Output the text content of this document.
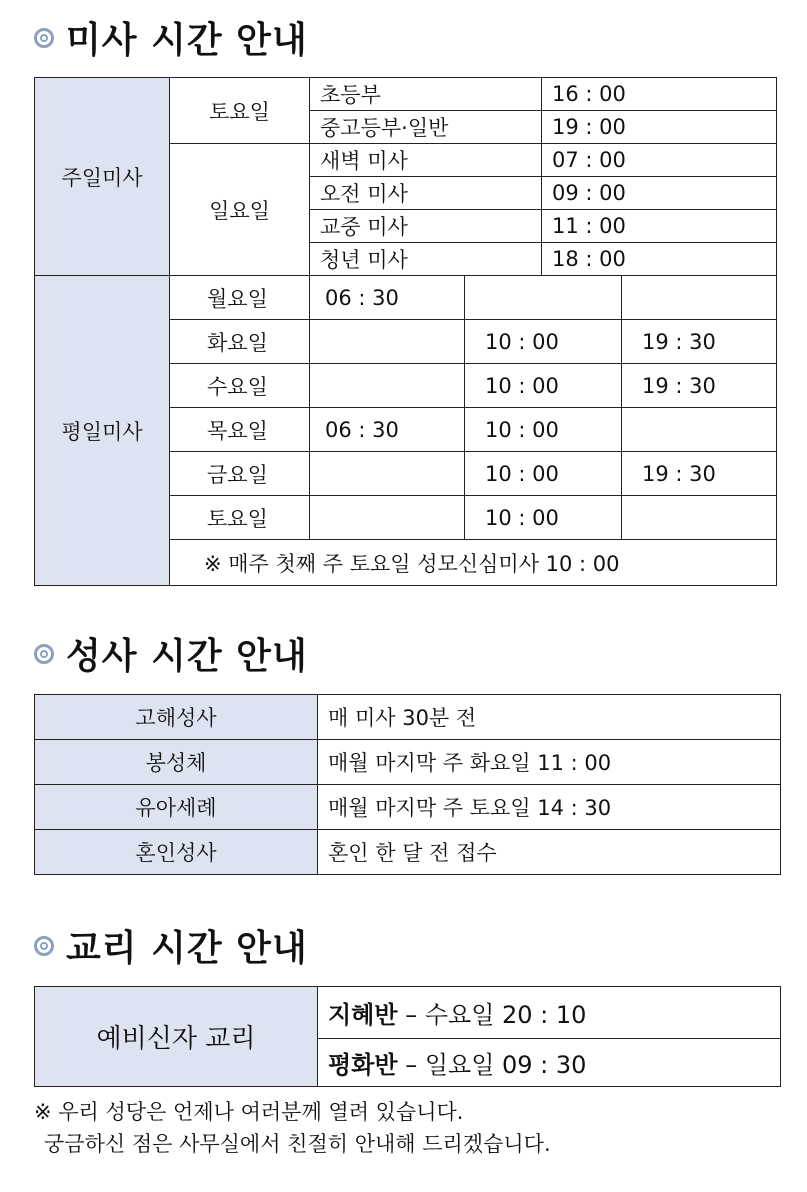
미사 시간 안내
주일미사	토요일	초등부		16 : 00	
		중고등부·일반		19 : 00	
	일요일	새벽 미사		07 : 00	
		오전 미사		09 : 00	
		교중 미사		11 : 00	
		청년 미사		18 : 00	
평일미사	월요일	06 : 30			
	화요일		10 : 00		19 : 30
	수요일		10 : 00		19 : 30
	목요일	06 : 30	10 : 00		
	금요일		10 : 00		19 : 30
	토요일		10 : 00		
	※ 매주 첫째 주 토요일 성모신심미사 10 : 00				
성사 시간 안내
고해성사	매 미사 30분 전
봉성체	매월 마지막 주 화요일 11 : 00
유아세례	매월 마지막 주 토요일 14 : 30
혼인성사	혼인 한 달 전 접수
교리 시간 안내
예비신자 교리	지혜반 – 수요일 20 : 10
평화반 – 일요일 09 : 30
※ 우리 성당은 언제나 여러분께 열려 있습니다.
궁금하신 점은 사무실에서 친절히 안내해 드리겠습니다.
